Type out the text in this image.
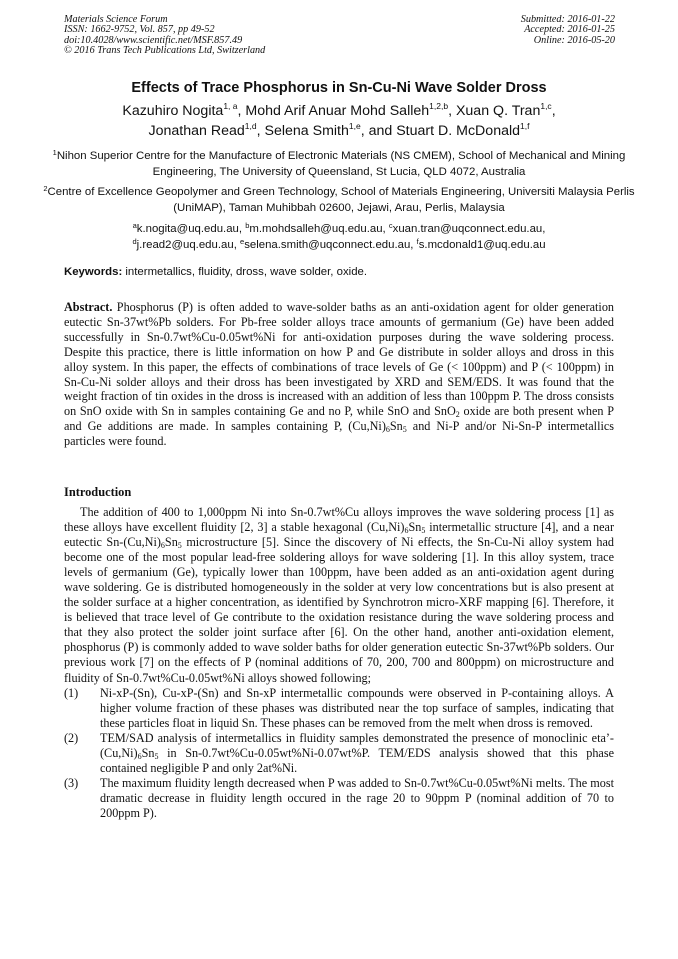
Materials Science Forum
ISSN: 1662-9752, Vol. 857, pp 49-52
doi:10.4028/www.scientific.net/MSF.857.49
© 2016 Trans Tech Publications Ltd, Switzerland
Submitted: 2016-01-22
Accepted: 2016-01-25
Online: 2016-05-20
Effects of Trace Phosphorus in Sn-Cu-Ni Wave Solder Dross
Kazuhiro Nogita$^{1, a}$, Mohd Arif Anuar Mohd Salleh$^{1,2,b}$, Xuan Q. Tran$^{1,c}$,
Jonathan Read$^{1,d}$, Selena Smith$^{1,e}$, and Stuart D. McDonald$^{1,f}$
$^1$Nihon Superior Centre for the Manufacture of Electronic Materials (NS CMEM), School of Mechanical and Mining Engineering, The University of Queensland, St Lucia, QLD 4072, Australia
$^2$Centre of Excellence Geopolymer and Green Technology, School of Materials Engineering, Universiti Malaysia Perlis (UniMAP), Taman Muhibbah 02600, Jejawi, Arau, Perlis, Malaysia
$^a$k.nogita@uq.edu.au, $^b$m.mohdsalleh@uq.edu.au, $^c$xuan.tran@uqconnect.edu.au,
$^d$j.read2@uq.edu.au, $^e$selena.smith@uqconnect.edu.au, $^f$s.mcdonald1@uq.edu.au
Keywords: intermetallics, fluidity, dross, wave solder, oxide.
Abstract. Phosphorus (P) is often added to wave-solder baths as an anti-oxidation agent for older generation eutectic Sn-37wt%Pb solders. For Pb-free solder alloys trace amounts of germanium (Ge) have been added successfully in Sn-0.7wt%Cu-0.05wt%Ni for anti-oxidation purposes during the wave soldering process. Despite this practice, there is little information on how P and Ge distribute in solder alloys and dross in this alloy system. In this paper, the effects of combinations of trace levels of Ge (< 100ppm) and P (< 100ppm) in Sn-Cu-Ni solder alloys and their dross has been investigated by XRD and SEM/EDS. It was found that the weight fraction of tin oxides in the dross is increased with an addition of less than 100ppm P. The dross consists on SnO oxide with Sn in samples containing Ge and no P, while SnO and SnO$_2$ oxide are both present when P and Ge additions are made. In samples containing P, $(Cu,Ni)_6Sn_5$ and Ni-P and/or Ni-Sn-P intermetallics particles were found.
Introduction

The addition of 400 to 1,000ppm Ni into Sn-0.7wt%Cu alloys improves the wave soldering process [1] as these alloys have excellent fluidity [2, 3] a stable hexagonal $(Cu,Ni)_6Sn_5$ intermetallic structure [4], and a near eutectic $Sn-(Cu,Ni)_6Sn_5$ microstructure [5]. Since the discovery of Ni effects, the Sn-Cu-Ni alloy system had become one of the most popular lead-free soldering alloys for wave soldering [1]. In this alloy system, trace levels of germanium (Ge), typically lower than 100ppm, have been added as an anti-oxidation agent during wave soldering. Ge is distributed homogeneously in the solder at very low concentrations but is also present at the solder surface at a higher concentration, as identified by Synchrotron micro-XRF mapping [6]. Therefore, it is believed that trace level of Ge contribute to the oxidation resistance during the wave soldering process and that they also protect the solder joint surface after [6]. On the other hand, another anti-oxidation element, phosphorus (P) is commonly added to wave solder baths for older generation eutectic Sn-37wt%Pb solders. Our previous work [7] on the effects of P (nominal additions of 70, 200, 700 and 800ppm) on microstructure and fluidity of Sn-0.7wt%Cu-0.05wt%Ni alloys showed following;

(1) Ni-xP-(Sn), Cu-xP-(Sn) and Sn-xP intermetallic compounds were observed in P-containing alloys. A higher volume fraction of these phases was distributed near the top surface of samples, indicating that these particles float in liquid Sn. These phases can be removed from the melt when dross is removed.
(2) TEM/SAD analysis of intermetallics in fluidity samples demonstrated the presence of monoclinic $eta’-(Cu,Ni)_6Sn_5$ in Sn-0.7wt%Cu-0.05wt%Ni-0.07wt%P. TEM/EDS analysis showed that this phase contained negligible P and only 2at%Ni.
(3) The maximum fluidity length decreased when P was added to Sn-0.7wt%Cu-0.05wt%Ni melts. The most dramatic decrease in fluidity length occured in the rage 20 to 90ppm P (nominal addition of 70 to 200ppm P).
